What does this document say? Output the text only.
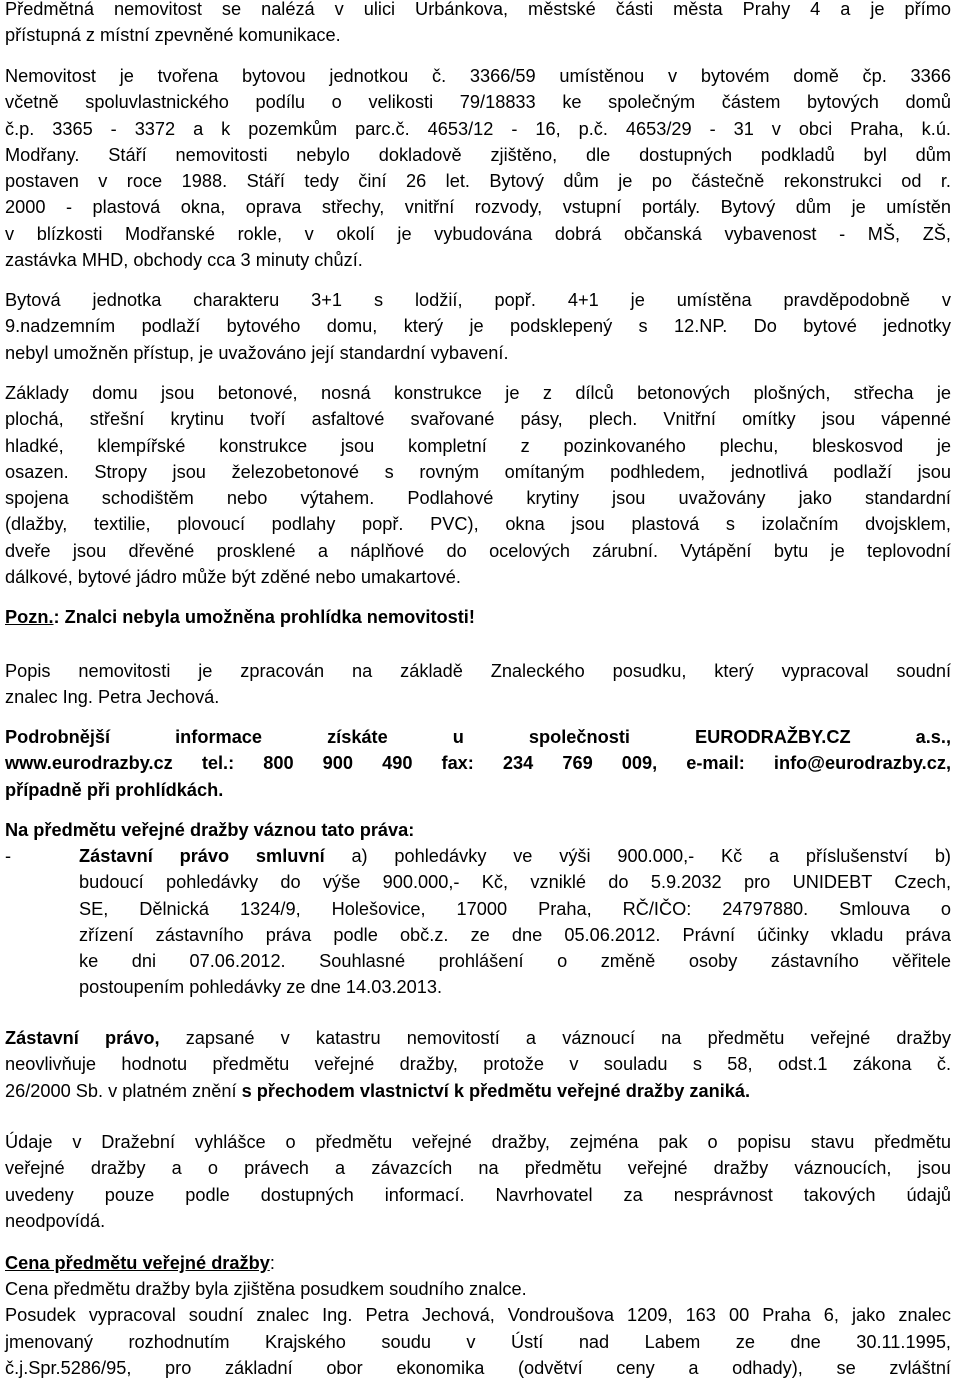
Předmětná nemovitost se nalézá v ulici Urbánkova, městské části města Prahy 4 a je přímo
přístupná z místní zpevněné komunikace.
Nemovitost je tvořena bytovou jednotkou č. 3366/59 umístěnou v bytovém domě čp. 3366
včetně spoluvlastnického podílu o velikosti 79/18833 ke společným částem bytových domů
č.p. 3365 - 3372 a k pozemkům parc.č. 4653/12 - 16, p.č. 4653/29 - 31 v obci Praha, k.ú.
Modřany. Stáří nemovitosti nebylo dokladově zjištěno, dle dostupných podkladů byl dům
postaven v roce 1988. Stáří tedy činí 26 let. Bytový dům je po částečně rekonstrukci od r.
2000 - plastová okna, oprava střechy, vnitřní rozvody, vstupní portály. Bytový dům je umístěn
v blízkosti Modřanské rokle, v okolí je vybudována dobrá občanská vybavenost - MŠ, ZŠ,
zastávka MHD, obchody cca 3 minuty chůzí.
Bytová jednotka charakteru 3+1 s lodžií, popř. 4+1 je umístěna pravděpodobně v
9.nadzemním podlaží bytového domu, který je podsklepený s 12.NP. Do bytové jednotky
nebyl umožněn přístup, je uvažováno její standardní vybavení.
Základy domu jsou betonové, nosná konstrukce je z dílců betonových plošných, střecha je
plochá, střešní krytinu tvoří asfaltové svařované pásy, plech. Vnitřní omítky jsou vápenné
hladké, klempířské konstrukce jsou kompletní z pozinkovaného plechu, bleskosvod je
osazen. Stropy jsou železobetonové s rovným omítaným podhledem, jednotlivá podlaží jsou
spojena schodištěm nebo výtahem. Podlahové krytiny jsou uvažovány jako standardní
(dlažby, textilie, plovoucí podlahy popř. PVC), okna jsou plastová s izolačním dvojsklem,
dveře jsou dřevěné prosklené a náplňové do ocelových zárubní. Vytápění bytu je teplovodní
dálkové, bytové jádro může být zděné nebo umakartové.
Pozn.: Znalci nebyla umožněna prohlídka nemovitosti!
Popis nemovitosti je zpracován na základě Znaleckého posudku, který vypracoval soudní
znalec Ing. Petra Jechová.
Podrobnější informace získáte u společnosti EURODRAŽBY.CZ a.s.,
www.eurodrazby.cz tel.: 800 900 490 fax: 234 769 009, e-mail: info@eurodrazby.cz,
případně při prohlídkách.
Na předmětu veřejné dražby váznou tato práva:
-	Zástavní právo smluvní a) pohledávky ve výši 900.000,- Kč a příslušenství b)
budoucí pohledávky do výše 900.000,- Kč, vzniklé do 5.9.2032 pro UNIDEBT Czech,
SE, Dělnická 1324/9, Holešovice, 17000 Praha, RČ/IČO: 24797880. Smlouva o
zřízení zástavního práva podle obč.z. ze dne 05.06.2012. Právní účinky vkladu práva
ke dni 07.06.2012. Souhlasné prohlášení o změně osoby zástavního věřitele
postoupením pohledávky ze dne 14.03.2013.
Zástavní právo, zapsané v katastru nemovitostí a váznoucí na předmětu veřejné dražby
neovlivňuje hodnotu předmětu veřejné dražby, protože v souladu s 58, odst.1 zákona č.
26/2000 Sb. v platném znění s přechodem vlastnictví k předmětu veřejné dražby zaniká.
Údaje v Dražební vyhlášce o předmětu veřejné dražby, zejména pak o popisu stavu předmětu
veřejné dražby a o právech a závazcích na předmětu veřejné dražby váznoucích, jsou
uvedeny pouze podle dostupných informací. Navrhovatel za nesprávnost takových údajů
neodpovídá.
Cena předmětu veřejné dražby:
Cena předmětu dražby byla zjištěna posudkem soudního znalce.
Posudek vypracoval soudní znalec Ing. Petra Jechová, Vondroušova 1209, 163 00 Praha 6, jako znalec
jmenovaný rozhodnutím Krajského soudu v Ústí nad Labem ze dne 30.11.1995,
č.j.Spr.5286/95, pro základní obor ekonomika (odvětví ceny a odhady), se zvláštní
